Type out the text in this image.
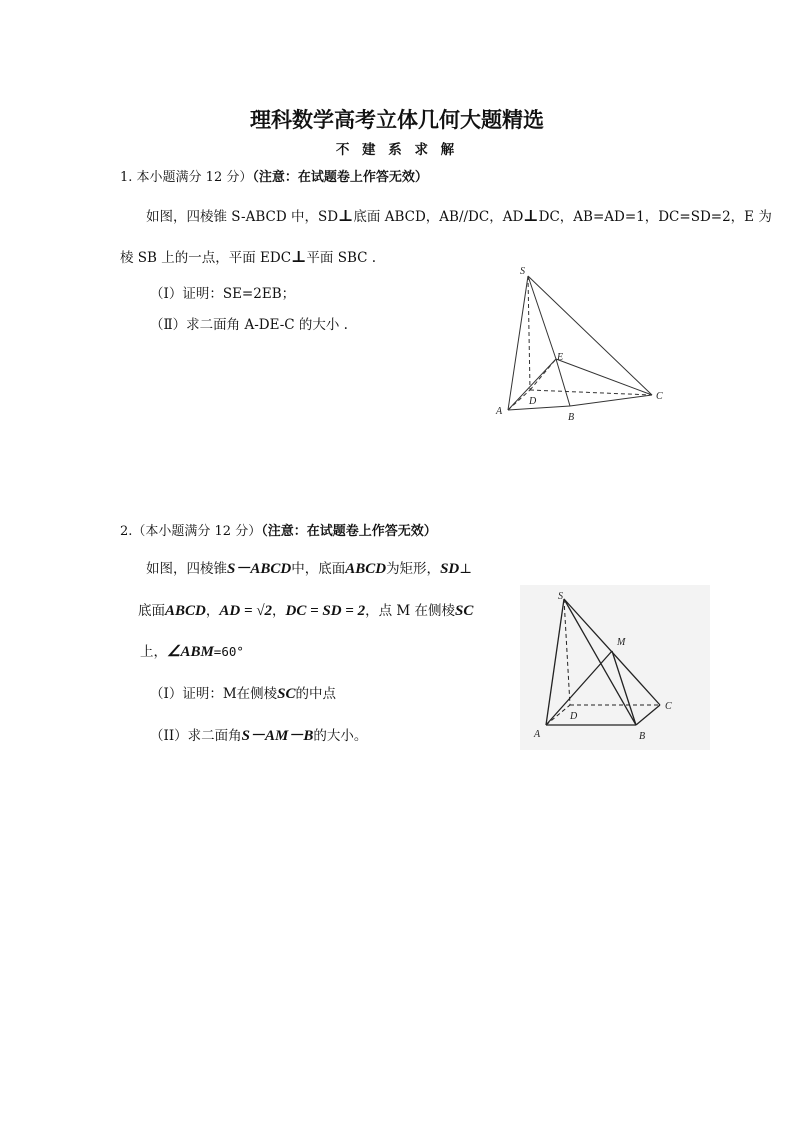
理科数学高考立体几何大题精选
不 建 系 求 解
1. 本小题满分 12 分）（注意：在试题卷上作答无效）
如图，四棱锥 S-ABCD 中，SD⊥底面 ABCD，AB//DC，AD⊥DC，AB=AD=1，DC=SD=2，E 为
棱 SB 上的一点，平面 EDC⊥平面 SBC .
（Ⅰ）证明：SE=2EB；
（Ⅱ）求二面角 A-DE-C 的大小 .
S
E
D
A
B
C
2.（本小题满分 12 分）（注意：在试题卷上作答无效）
如图，四棱锥S－ABCD中，底面ABCD为矩形，SD⊥
底面ABCD，AD = √2，DC = SD = 2，点 M 在侧棱SC
上，∠ABM=60°
（I）证明：M在侧棱SC的中点
（II）求二面角S－AM－B的大小。
S
M
D
C
A	B
